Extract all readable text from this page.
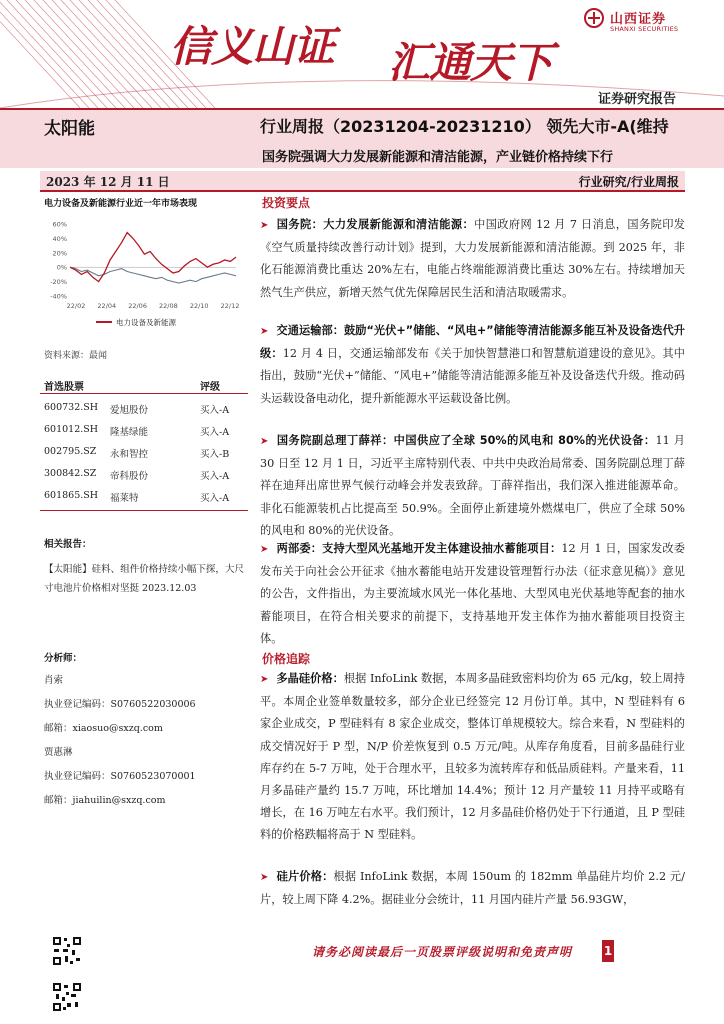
信义山证 汇通天下
山西证券
SHANXI SECURITIES
证券研究报告
太阳能	行业周报（20231204-20231210） 领先大市-A(维持
国务院强调大力发展新能源和清洁能源，产业链价格持续下行
2023 年 12 月 11 日	行业研究/行业周报
电力设备及新能源行业近一年市场表现
60%
40%
20%
0%
-20%
-40%
22/02 22/04 22/06 22/08 22/10 22/12
电力设备及新能源
资料来源：最闻
首选股票	评级
600732.SH 爱旭股份	买入-A
601012.SH 隆基绿能	买入-A
002795.SZ 永和智控	买入-B
300842.SZ 帝科股份	买入-A
601865.SH 福莱特	买入-A
相关报告：
【太阳能】硅料、组件价格持续小幅下探，大尺寸电池片价格相对坚挺 2023.12.03
分析师：
肖索
执业登记编码：S0760522030006
邮箱：xiaosuo@sxzq.com
贾惠淋
执业登记编码：S0760523070001
邮箱：jiahuilin@sxzq.com
投资要点
➤ 国务院：大力发展新能源和清洁能源：中国政府网 12 月 7 日消息，国务院印发《空气质量持续改善行动计划》提到，大力发展新能源和清洁能源。到 2025 年，非化石能源消费比重达 20%左右，电能占终端能源消费比重达 30%左右。持续增加天然气生产供应，新增天然气优先保障居民生活和清洁取暖需求。
➤ 交通运输部：鼓励“光伏+”储能、“风电+”储能等清洁能源多能互补及设备迭代升级：12 月 4 日，交通运输部发布《关于加快智慧港口和智慧航道建设的意见》。其中指出，鼓励“光伏+”储能、“风电+”储能等清洁能源多能互补及设备迭代升级。推动码头运载设备电动化，提升新能源水平运载设备比例。
➤ 国务院副总理丁薛祥：中国供应了全球 50%的风电和 80%的光伏设备：11 月 30 日至 12 月 1 日，习近平主席特别代表、中共中央政治局常委、国务院副总理丁薛祥在迪拜出席世界气候行动峰会并发表致辞。丁薛祥指出，我们深入推进能源革命。非化石能源装机占比提高至 50.9%。全面停止新建境外燃煤电厂，供应了全球 50%的风电和 80%的光伏设备。
➤ 两部委：支持大型风光基地开发主体建设抽水蓄能项目：12 月 1 日，国家发改委发布关于向社会公开征求《抽水蓄能电站开发建设管理暂行办法（征求意见稿）》意见的公告，文件指出，为主要流域水风光一体化基地、大型风电光伏基地等配套的抽水蓄能项目，在符合相关要求的前提下，支持基地开发主体作为抽水蓄能项目投资主体。
价格追踪
➤ 多晶硅价格：根据 InfoLink 数据，本周多晶硅致密料均价为 65 元/kg，较上周持平。本周企业签单数量较多，部分企业已经签完 12 月份订单。其中，N 型硅料有 6 家企业成交，P 型硅料有 8 家企业成交，整体订单规模较大。综合来看，N 型硅料的成交情况好于 P 型，N/P 价差恢复到 0.5 万元/吨。从库存角度看，目前多晶硅行业库存约在 5-7 万吨，处于合理水平，且较多为流转库存和低品质硅料。产量来看，11 月多晶硅产量约 15.7 万吨，环比增加 14.4%；预计 12 月产量较 11 月持平或略有增长，在 16 万吨左右水平。我们预计，12 月多晶硅价格仍处于下行通道，且 P 型硅料的价格跌幅将高于 N 型硅料。
➤ 硅片价格：根据 InfoLink 数据，本周 150um 的 182mm 单晶硅片均价 2.2 元/片，较上周下降 4.2%。据硅业分会统计，11 月国内硅片产量 56.93GW，
请务必阅读最后一页股票评级说明和免责声明	1
